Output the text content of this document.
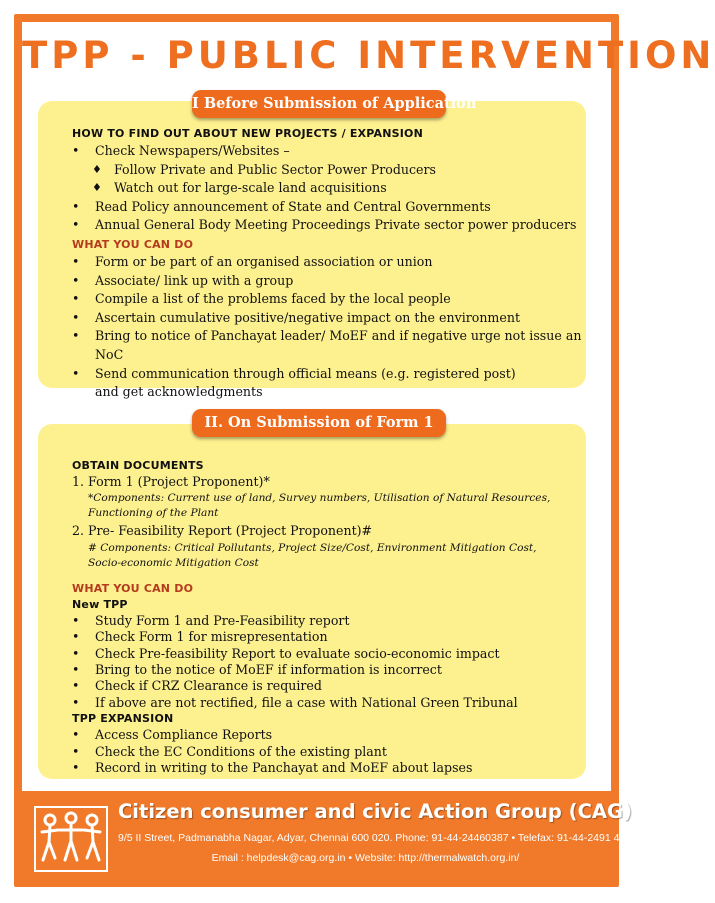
TPP - PUBLIC INTERVENTION
I Before Submission of Application
HOW TO FIND OUT ABOUT NEW PROJECTS / EXPANSION
• Check Newspapers/Websites –
♦ Follow Private and Public Sector Power Producers
♦ Watch out for large-scale land acquisitions
• Read Policy announcement of State and Central Governments
• Annual General Body Meeting Proceedings Private sector power producers
WHAT YOU CAN DO
• Form or be part of an organised association or union
• Associate/ link up with a group
• Compile a list of the problems faced by the local people
• Ascertain cumulative positive/negative impact on the environment
• Bring to notice of Panchayat leader/ MoEF and if negative urge not issue an NoC
• Send communication through official means (e.g. registered post) and get acknowledgments
II. On Submission of Form 1
OBTAIN DOCUMENTS
1. Form 1 (Project Proponent)*
*Components: Current use of land, Survey numbers, Utilisation of Natural Resources, Functioning of the Plant
2. Pre- Feasibility Report (Project Proponent)#
# Components: Critical Pollutants, Project Size/Cost, Environment Mitigation Cost, Socio-economic Mitigation Cost
WHAT YOU CAN DO
New TPP
• Study Form 1 and Pre-Feasibility report
• Check Form 1 for misrepresentation
• Check Pre-feasibility Report to evaluate socio-economic impact
• Bring to the notice of MoEF if information is incorrect
• Check if CRZ Clearance is required
• If above are not rectified, file a case with National Green Tribunal
TPP EXPANSION
• Access Compliance Reports
• Check the EC Conditions of the existing plant
• Record in writing to the Panchayat and MoEF about lapses
Citizen consumer and civic Action Group (CAG)
9/5 II Street, Padmanabha Nagar, Adyar, Chennai 600 020. Phone: 91-44-24460387 • Telefax: 91-44-2491 4358
Email : helpdesk@cag.org.in • Website: http://thermalwatch.org.in/
